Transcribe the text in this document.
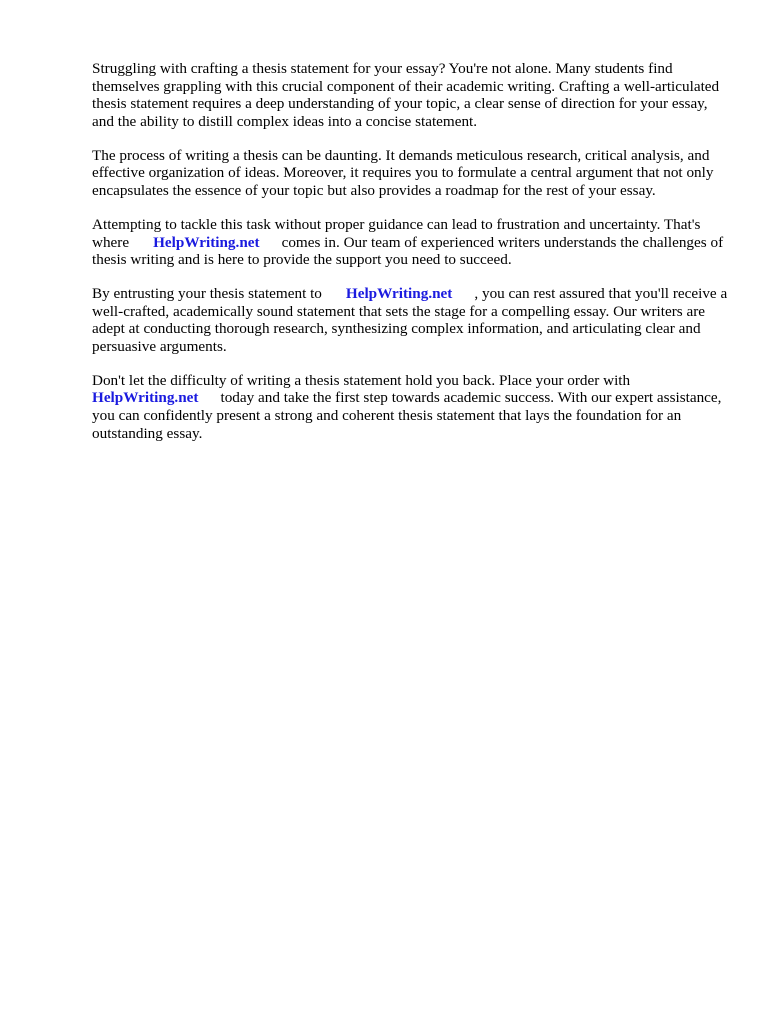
Struggling with crafting a thesis statement for your essay? You're not alone. Many students find themselves grappling with this crucial component of their academic writing. Crafting a well-articulated thesis statement requires a deep understanding of your topic, a clear sense of direction for your essay, and the ability to distill complex ideas into a concise statement.

The process of writing a thesis can be daunting. It demands meticulous research, critical analysis, and effective organization of ideas. Moreover, it requires you to formulate a central argument that not only encapsulates the essence of your topic but also provides a roadmap for the rest of your essay.

Attempting to tackle this task without proper guidance can lead to frustration and uncertainty. That's where HelpWriting.net comes in. Our team of experienced writers understands the challenges of thesis writing and is here to provide the support you need to succeed.

By entrusting your thesis statement to HelpWriting.net , you can rest assured that you'll receive a well-crafted, academically sound statement that sets the stage for a compelling essay. Our writers are adept at conducting thorough research, synthesizing complex information, and articulating clear and persuasive arguments.

Don't let the difficulty of writing a thesis statement hold you back. Place your order with HelpWriting.net today and take the first step towards academic success. With our expert assistance, you can confidently present a strong and coherent thesis statement that lays the foundation for an outstanding essay.
